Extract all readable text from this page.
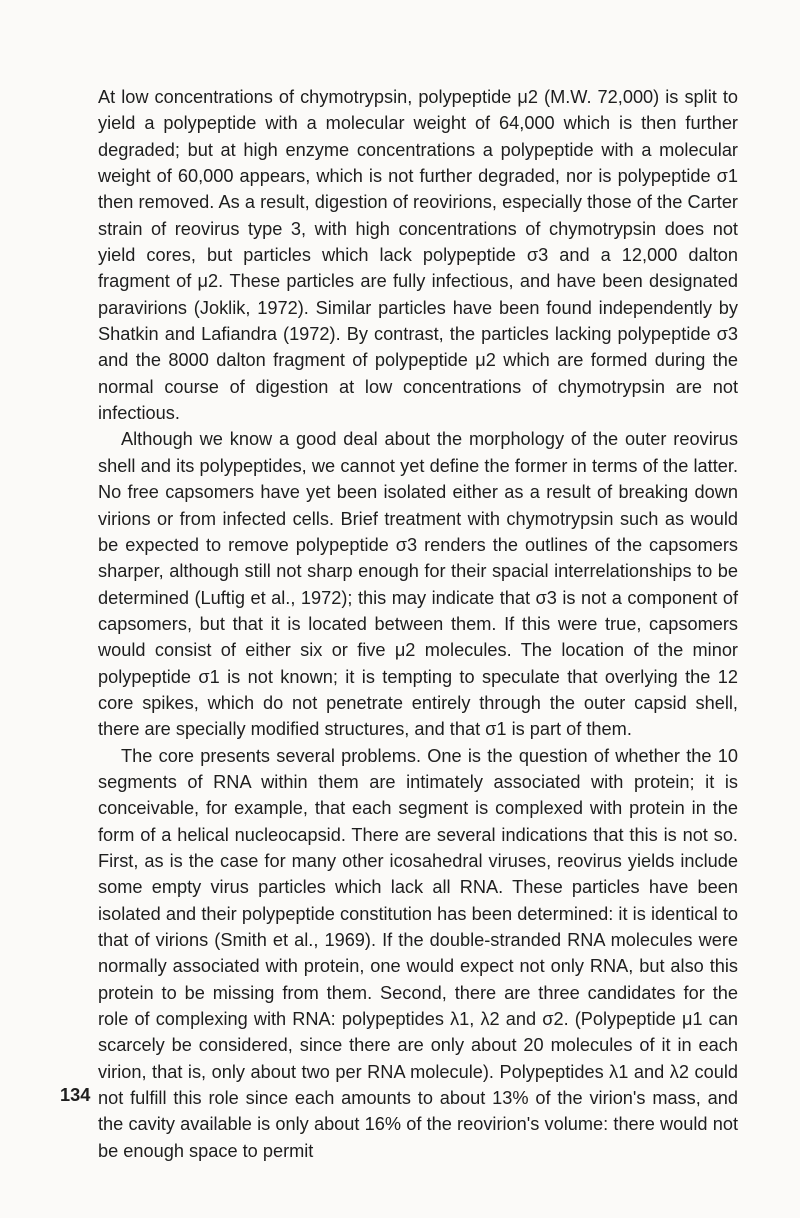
At low concentrations of chymotrypsin, polypeptide μ2 (M.W. 72,000) is split to yield a polypeptide with a molecular weight of 64,000 which is then further degraded; but at high enzyme concentrations a polypeptide with a molecular weight of 60,000 appears, which is not further degraded, nor is polypeptide σ1 then removed. As a result, digestion of reovirions, especially those of the Carter strain of reovirus type 3, with high concentrations of chymotrypsin does not yield cores, but particles which lack polypeptide σ3 and a 12,000 dalton fragment of μ2. These particles are fully infectious, and have been designated paravirions (Joklik, 1972). Similar particles have been found independently by Shatkin and Lafiandra (1972). By contrast, the particles lacking polypeptide σ3 and the 8000 dalton fragment of polypeptide μ2 which are formed during the normal course of digestion at low concentrations of chymotrypsin are not infectious.

Although we know a good deal about the morphology of the outer reovirus shell and its polypeptides, we cannot yet define the former in terms of the latter. No free capsomers have yet been isolated either as a result of breaking down virions or from infected cells. Brief treatment with chymotrypsin such as would be expected to remove polypeptide σ3 renders the outlines of the capsomers sharper, although still not sharp enough for their spacial interrelationships to be determined (Luftig et al., 1972); this may indicate that σ3 is not a component of capsomers, but that it is located between them. If this were true, capsomers would consist of either six or five μ2 molecules. The location of the minor polypeptide σ1 is not known; it is tempting to speculate that overlying the 12 core spikes, which do not penetrate entirely through the outer capsid shell, there are specially modified structures, and that σ1 is part of them.

The core presents several problems. One is the question of whether the 10 segments of RNA within them are intimately associated with protein; it is conceivable, for example, that each segment is complexed with protein in the form of a helical nucleocapsid. There are several indications that this is not so. First, as is the case for many other icosahedral viruses, reovirus yields include some empty virus particles which lack all RNA. These particles have been isolated and their polypeptide constitution has been determined: it is identical to that of virions (Smith et al., 1969). If the double-stranded RNA molecules were normally associated with protein, one would expect not only RNA, but also this protein to be missing from them. Second, there are three candidates for the role of complexing with RNA: polypeptides λ1, λ2 and σ2. (Polypeptide μ1 can scarcely be considered, since there are only about 20 molecules of it in each virion, that is, only about two per RNA molecule). Polypeptides λ1 and λ2 could not fulfill this role since each amounts to about 13% of the virion's mass, and the cavity available is only about 16% of the reovirion's volume: there would not be enough space to permit

134
